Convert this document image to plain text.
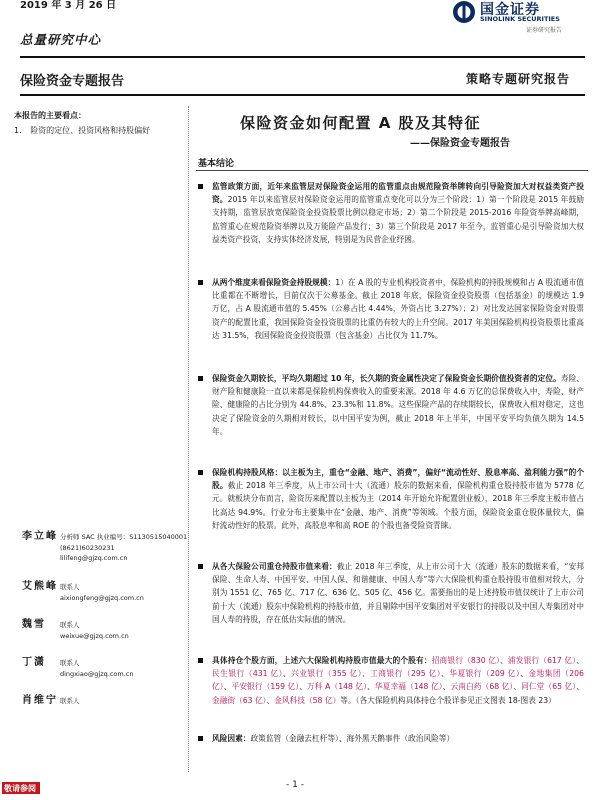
2019 年 3 月 26 日
总量研究中心
国金证券
SINOLINK SECURITIES
证券研究报告
保险资金专题报告	策略专题研究报告
本报告的主要看点：
1. 险资的定位、投资风格和持股偏好
李立峰 分析师 SAC 执业编号：S1130515040001
(8621)60230231
lilifeng@gjzq.com.cn
艾熊峰 联系人
aixiongfeng@gjzq.com.cn
魏雪 联系人
weixue@gjzq.com.cn
丁潇 联系人
dingxiao@gjzq.com.cn
肖维宁 联系人
保险资金如何配置 A 股及其特征
——保险资金专题报告
基本结论
监管政策方面，近年来监管层对保险资金运用的监管重点由规范险资举牌转向引导险资加大对权益类资产投资。2015 年以来监管层对保险资金运用的监管重点变化可以分为三个阶段：1）第一个阶段是 2015 年鼓励支持期，监管层放宽保险资金投资股票比例以稳定市场；2）第二个阶段是 2015-2016 年险资举牌高峰期，监管重心在规范险资举牌以及万能险产品发行；3）第三个阶段是 2017 年至今，监管重心是引导险资加大权益类资产投资，支持实体经济发展，特别是为民营企业纾困。
从两个维度来看保险资金持股规模：1）在 A 股的专业机构投资者中，保险机构的持股规模和占 A 股流通市值比重都在不断增长，目前仅次于公募基金。截止 2018 年底，保险资金投资股票（包括基金）的规模达 1.9 万亿，占 A 股流通市值的 5.45%（公募占比 4.44%，外资占比 3.27%）；2）对比发达国家保险资金对股票资产的配置比重，我国保险资金投资股票的比重仍有较大的上升空间。2017 年美国保险机构投资股票比重高达 31.5%，我国保险资金投资股票（包含基金）占比仅为 11.7%。
保险资金久期较长，平均久期超过 10 年，长久期的资金属性决定了保险资金长期价值投资者的定位。寿险、财产险和健康险一直以来都是保险机构保费收入的重要来源。2018 年 4.6 万亿的总保费收入中，寿险、财产险、健康险的占比分别为 44.8%、23.3%和 11.8%。这些保险产品的存续期较长，保费收入相对稳定，这也决定了保险资金的久期相对较长，以中国平安为例，截止 2018 年上半年，中国平安平均负债久期为 14.5 年。
保险机构持股风格：以主板为主，重仓“金融、地产、消费”，偏好“流动性好、股息率高、盈利能力强”的个股。截止 2018 年三季度，从上市公司十大（流通）股东的数据来看，保险机构重仓股持股市值为 5778 亿元。就板块分布而言，险资历来配置以主板为主（2014 年开始允许配置创业板），2018 年三季度主板市值占比高达 94.9%。行业分布主要集中在“金融、地产、消费”等领域。个股方面，保险资金重仓股体量较大，偏好流动性好的股票。此外，高股息率和高 ROE 的个股也备受险资青睐。
从各大保险公司重仓持股市值来看：截止 2018 年三季度，从上市公司十大（流通）股东的数据来看，“安邦保险、生命人寿、中国平安、中国人保、和谐健康、中国人寿”等六大保险机构重仓股持股市值相对较大，分别为 1551 亿、765 亿、717 亿、636 亿、505 亿、456 亿。需要指出的是上述持股市值仅统计了上市公司前十大（流通）股东中保险机构的持股市值，并且剔除中国平安集团对平安银行的持股以及中国人寿集团对中国人寿的持股，存在低估实际值的情况。
具体持仓个股方面，上述六大保险机构持股市值最大的个股有：招商银行（830 亿）、浦发银行（617 亿）、民生银行（431 亿）、兴业银行（355 亿）、工商银行（295 亿）、华夏银行（209 亿）、金地集团（206 亿）、平安银行（159 亿）、万科 A（148 亿）、华夏幸福（148 亿）、云南白药（68 亿）、同仁堂（65 亿）、金融街（63 亿）、金风科技（58 亿）等。（各大保险机构具体持仓个股详参见正文图表 18-图表 23）
风险因素：政策监管（金融去杠杆等）、海外黑天鹅事件（政治风险等）
敬请参阅	- 1 -
